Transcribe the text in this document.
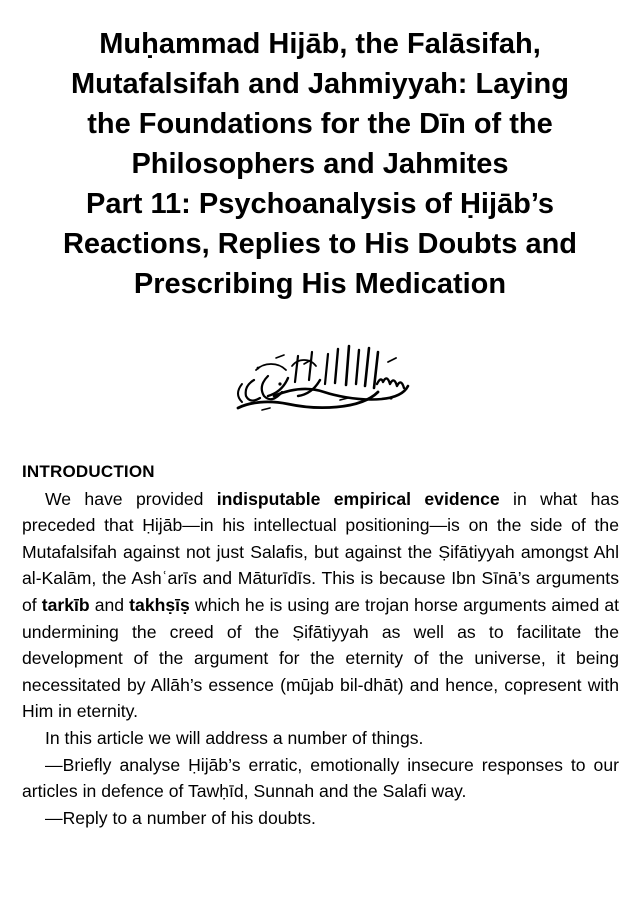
Muḥammad Hijāb, the Falāsifah,
Mutafalsifah and Jahmiyyah: Laying
the Foundations for the Dīn of the
Philosophers and Jahmites
Part 11: Psychoanalysis of Ḥijāb’s
Reactions, Replies to His Doubts and
Prescribing His Medication

INTRODUCTION

We have provided indisputable empirical evidence in what has preceded that Ḥijāb—in his intellectual positioning—is on the side of the Mutafalsifah against not just Salafis, but against the Ṣifātiyyah amongst Ahl al-Kalām, the Ashʿarīs and Māturīdīs. This is because Ibn Sīnā’s arguments of tarkīb and takhṣīṣ which he is using are trojan horse arguments aimed at undermining the creed of the Ṣifātiyyah as well as to facilitate the development of the argument for the eternity of the universe, it being necessitated by Allāh’s essence (mūjab bil-dhāt) and hence, copresent with Him in eternity.

In this article we will address a number of things.

—Briefly analyse Ḥijāb’s erratic, emotionally insecure responses to our articles in defence of Tawḥīd, Sunnah and the Salafi way.

—Reply to a number of his doubts.
